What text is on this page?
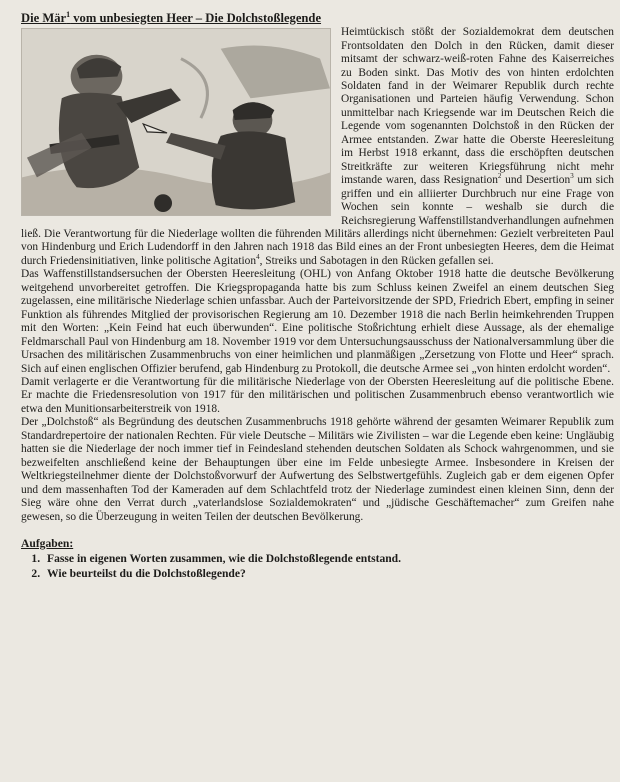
Die Mär$^1$ vom unbesiegten Heer – Die Dolchstoßlegende

Heimtückisch stößt der Sozialdemokrat dem deutschen Frontsoldaten den Dolch in den Rücken, damit dieser mitsamt der schwarz-weiß-roten Fahne des Kaiserreiches zu Boden sinkt. Das Motiv des von hinten erdolchten Soldaten fand in der Weimarer Republik durch rechte Organisationen und Parteien häufig Verwendung. Schon unmittelbar nach Kriegsende war im Deutschen Reich die Legende vom sogenannten Dolchstoß in den Rücken der Armee entstanden. Zwar hatte die Oberste Heeresleitung im Herbst 1918 erkannt, dass die erschöpften deutschen Streitkräfte zur weiteren Kriegsführung nicht mehr imstande waren, dass Resignation$^2$ und Desertion$^3$ um sich griffen und ein alliierter Durchbruch nur eine Frage von Wochen sein konnte – weshalb sie durch die Reichsregierung Waffenstillstandverhandlungen aufnehmen ließ. Die Verantwortung für die Niederlage wollten die führenden Militärs allerdings nicht übernehmen: Gezielt verbreiteten Paul von Hindenburg und Erich Ludendorff in den Jahren nach 1918 das Bild eines an der Front unbesiegten Heeres, dem die Heimat durch Friedensinitiativen, linke politische Agitation$^4$, Streiks und Sabotagen in den Rücken gefallen sei.

Das Waffenstillstandsersuchen der Obersten Heeresleitung (OHL) von Anfang Oktober 1918 hatte die deutsche Bevölkerung weitgehend unvorbereitet getroffen. Die Kriegspropaganda hatte bis zum Schluss keinen Zweifel an einem deutschen Sieg zugelassen, eine militärische Niederlage schien unfassbar. Auch der Parteivorsitzende der SPD, Friedrich Ebert, empfing in seiner Funktion als führendes Mitglied der provisorischen Regierung am 10. Dezember 1918 die nach Berlin heimkehrenden Truppen mit den Worten: „Kein Feind hat euch überwunden“. Eine politische Stoßrichtung erhielt diese Aussage, als der ehemalige Feldmarschall Paul von Hindenburg am 18. November 1919 vor dem Untersuchungsausschuss der Nationalversammlung über die Ursachen des militärischen Zusammenbruchs von einer heimlichen und planmäßigen „Zersetzung von Flotte und Heer“ sprach. Sich auf einen englischen Offizier berufend, gab Hindenburg zu Protokoll, die deutsche Armee sei „von hinten erdolcht worden“.

Damit verlagerte er die Verantwortung für die militärische Niederlage von der Obersten Heeresleitung auf die politische Ebene. Er machte die Friedensresolution von 1917 für den militärischen und politischen Zusammenbruch ebenso verantwortlich wie etwa den Munitionsarbeiterstreik von 1918.

Der „Dolchstoß“ als Begründung des deutschen Zusammenbruchs 1918 gehörte während der gesamten Weimarer Republik zum Standardrepertoire der nationalen Rechten. Für viele Deutsche – Militärs wie Zivilisten – war die Legende eben keine: Ungläubig hatten sie die Niederlage der noch immer tief in Feindesland stehenden deutschen Soldaten als Schock wahrgenommen, und sie bezweifelten anschließend keine der Behauptungen über eine im Felde unbesiegte Armee. Insbesondere in Kreisen der Weltkriegsteilnehmer diente der Dolchstoßvorwurf der Aufwertung des Selbstwertgefühls. Zugleich gab er dem eigenen Opfer und dem massenhaften Tod der Kameraden auf dem Schlachtfeld trotz der Niederlage zumindest einen kleinen Sinn, denn der Sieg wäre ohne den Verrat durch „vaterlandslose Sozialdemokraten“ und „jüdische Geschäftemacher“ zum Greifen nahe gewesen, so die Überzeugung in weiten Teilen der deutschen Bevölkerung.

Aufgaben:

1. Fasse in eigenen Worten zusammen, wie die Dolchstoßlegende entstand.
2. Wie beurteilst du die Dolchstoßlegende?
